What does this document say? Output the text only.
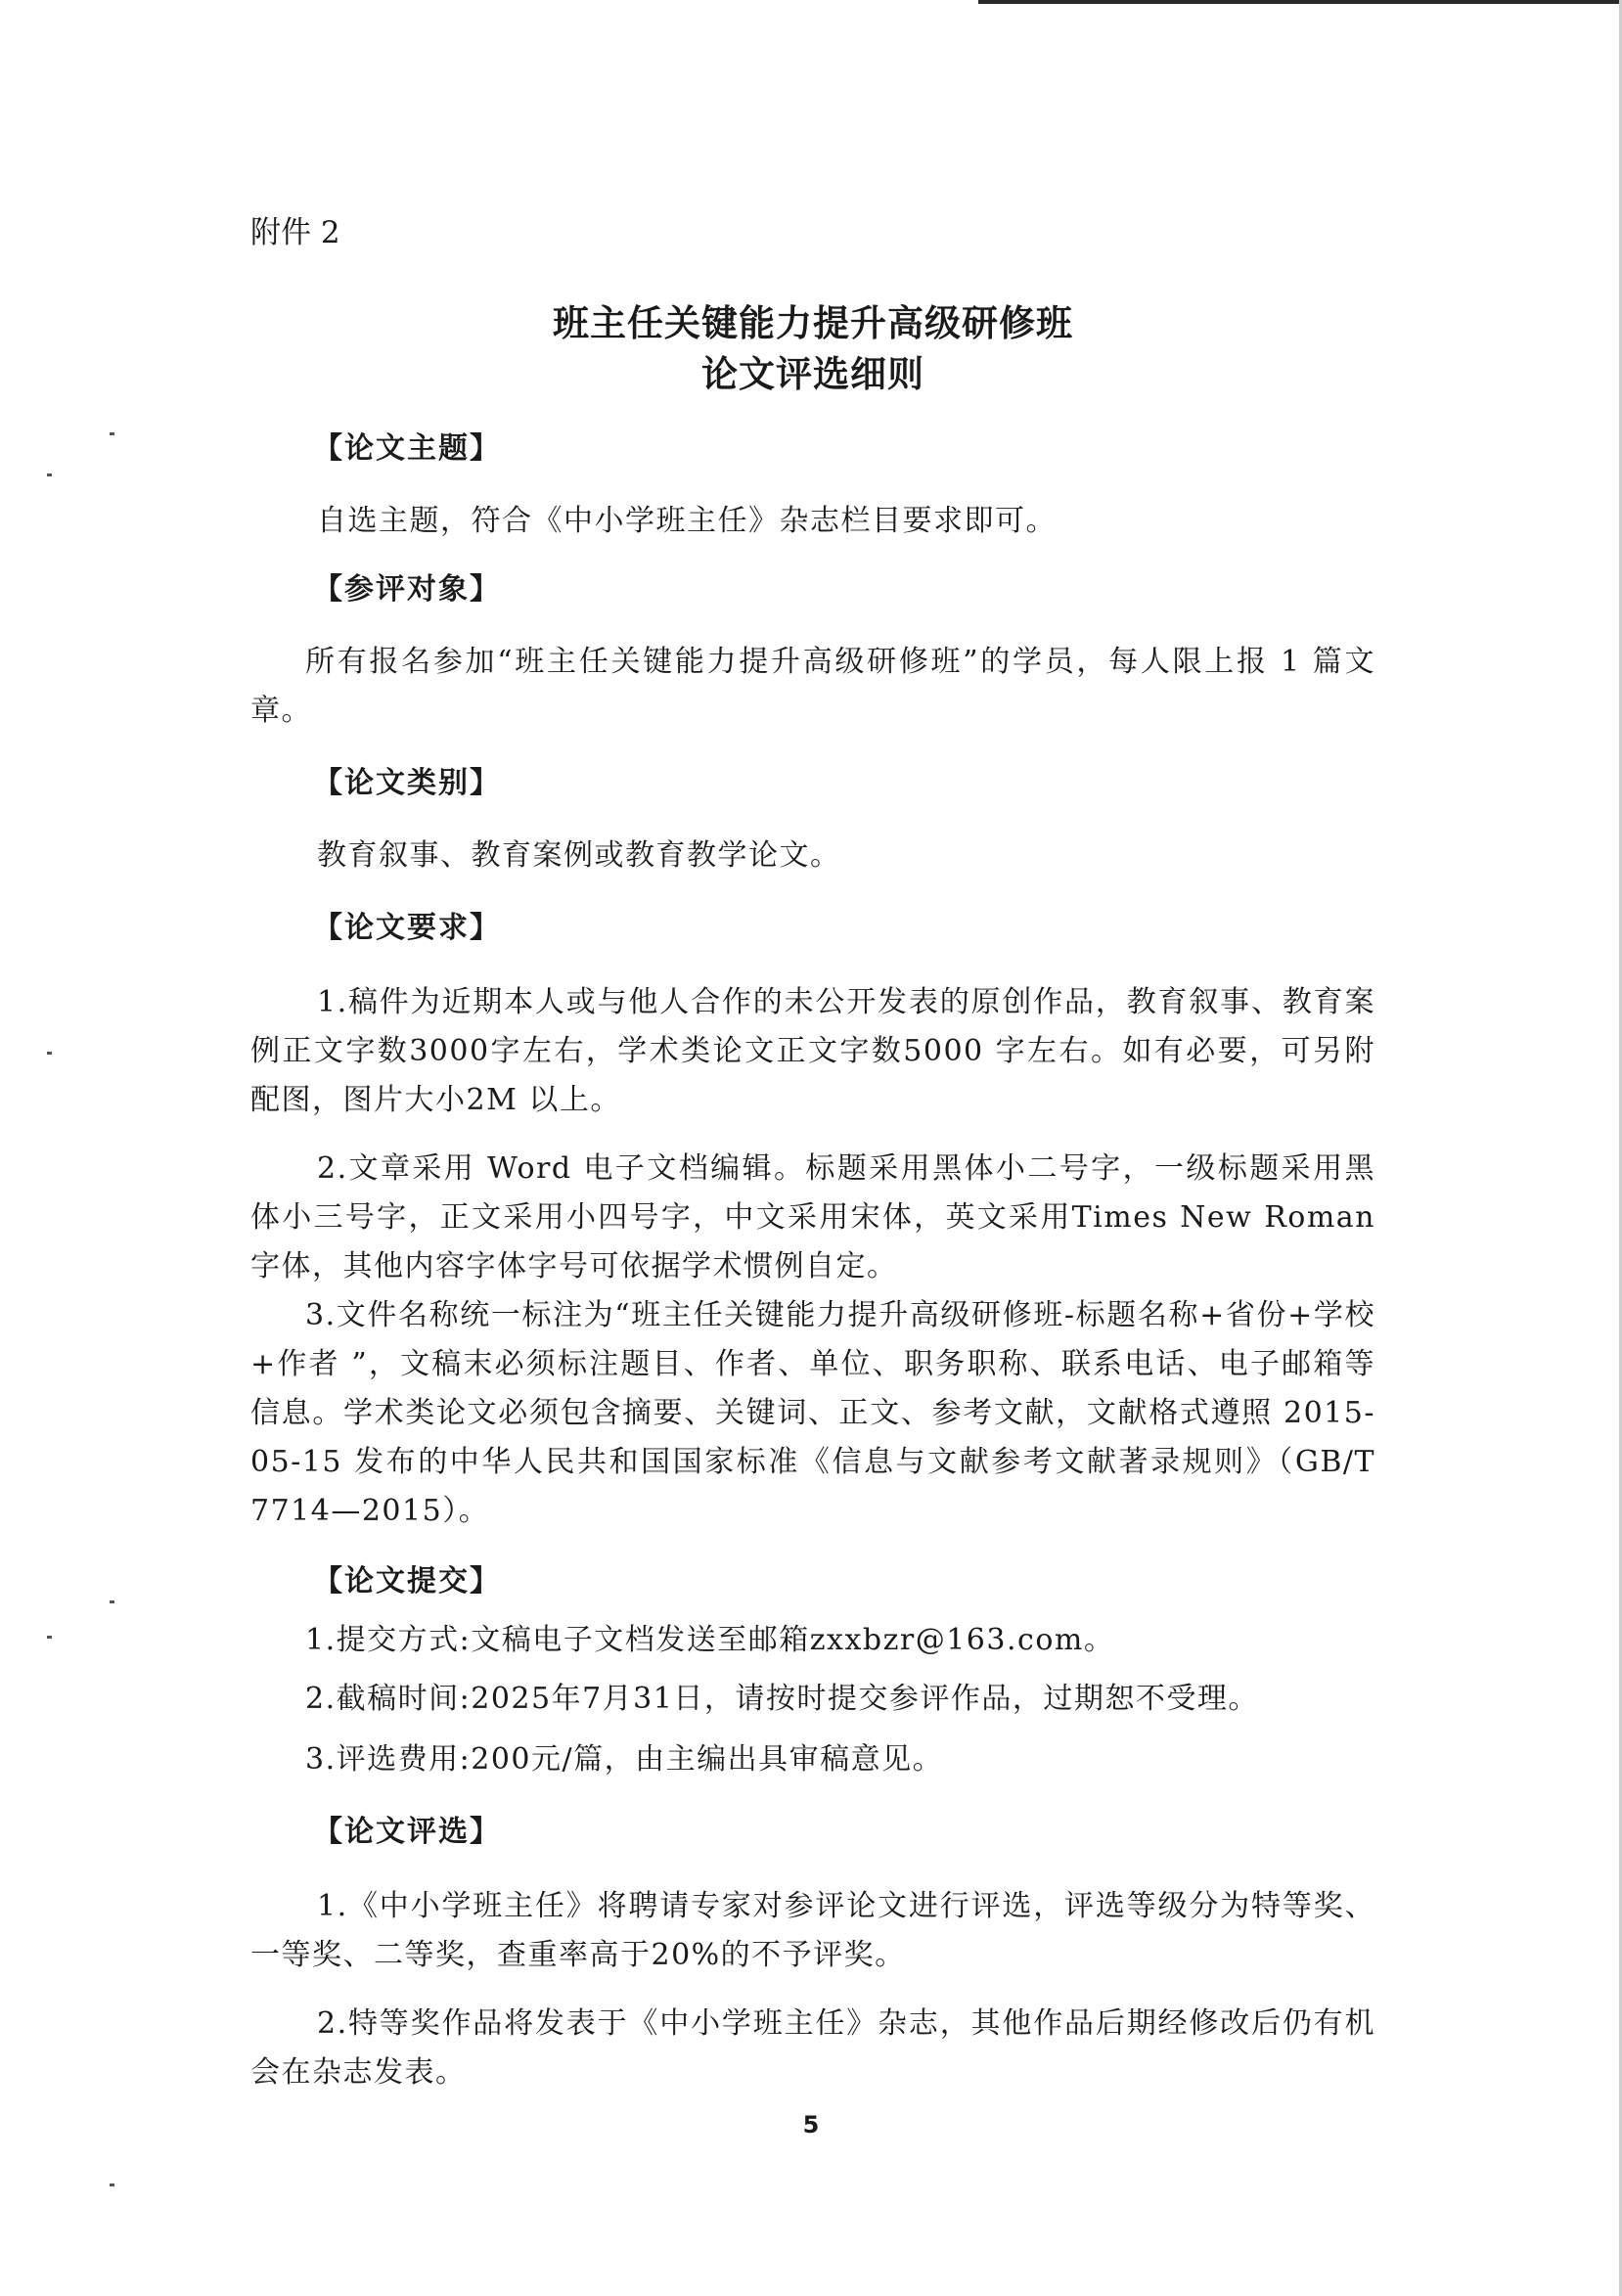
附件 2
班主任关键能力提升高级研修班
论文评选细则
【论文主题】
自选主题，符合《中小学班主任》杂志栏目要求即可。
【参评对象】
所有报名参加“班主任关键能力提升高级研修班”的学员，每人限上报 1 篇文章。
【论文类别】
教育叙事、教育案例或教育教学论文。
【论文要求】
1.稿件为近期本人或与他人合作的未公开发表的原创作品，教育叙事、教育案例正文字数3000字左右，学术类论文正文字数5000 字左右。如有必要，可另附配图，图片大小2M 以上。
2.文章采用 Word 电子文档编辑。标题采用黑体小二号字，一级标题采用黑体小三号字，正文采用小四号字，中文采用宋体，英文采用Times New Roman 字体，其他内容字体字号可依据学术惯例自定。
3.文件名称统一标注为“班主任关键能力提升高级研修班-标题名称+省份+学校+作者 ”，文稿末必须标注题目、作者、单位、职务职称、联系电话、电子邮箱等信息。学术类论文必须包含摘要、关键词、正文、参考文献，文献格式遵照 2015-05-15 发布的中华人民共和国国家标准《信息与文献参考文献著录规则》（GB/T 7714—2015）。
【论文提交】
1.提交方式:文稿电子文档发送至邮箱zxxbzr@163.com。
2.截稿时间:2025年7月31日，请按时提交参评作品，过期恕不受理。
3.评选费用:200元/篇，由主编出具审稿意见。
【论文评选】
1.《中小学班主任》将聘请专家对参评论文进行评选，评选等级分为特等奖、一等奖、二等奖，查重率高于20%的不予评奖。
2.特等奖作品将发表于《中小学班主任》杂志，其他作品后期经修改后仍有机会在杂志发表。
5
